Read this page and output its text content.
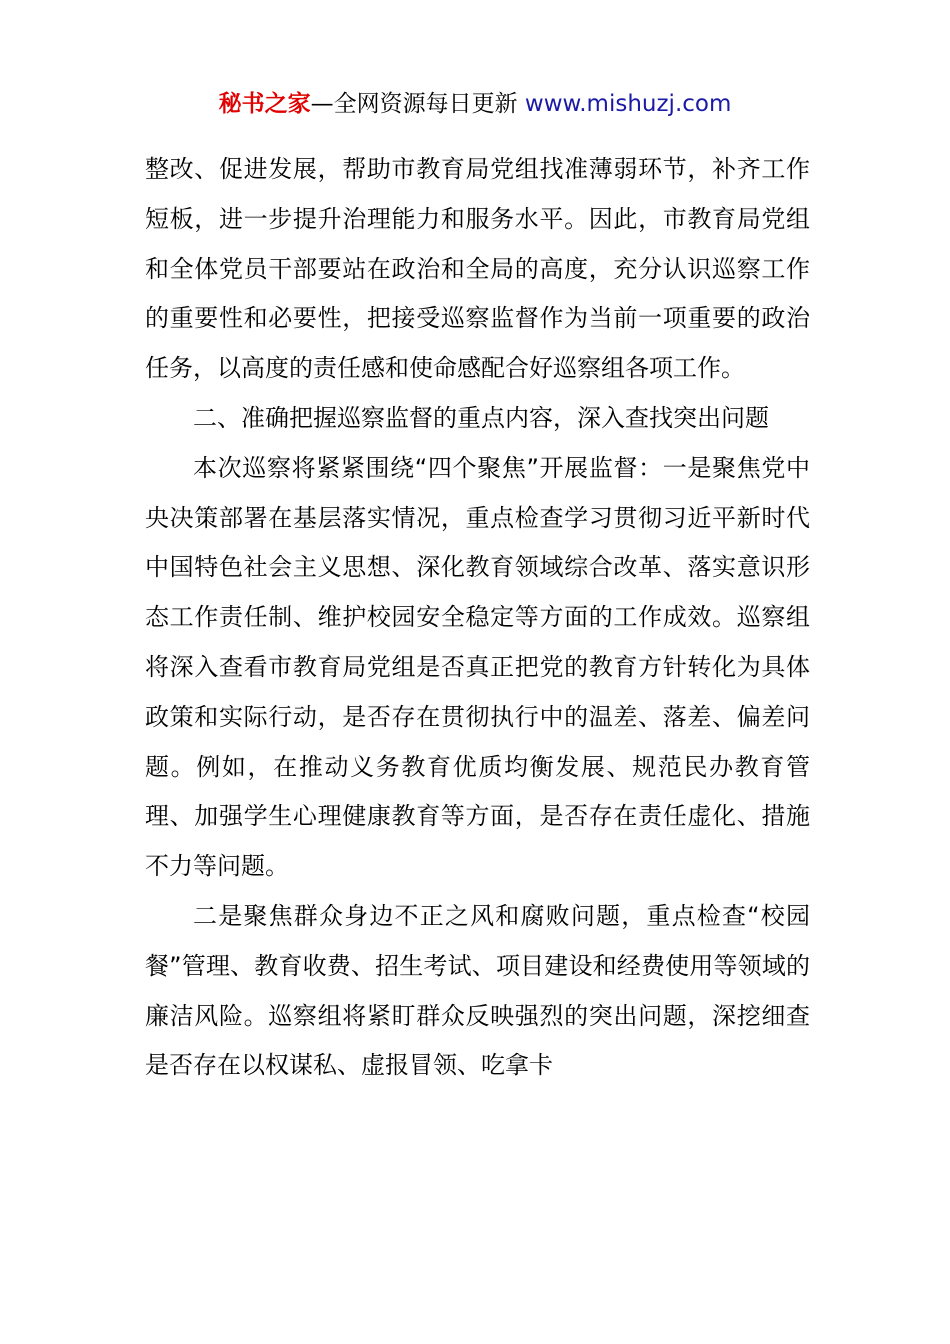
秘书之家—全网资源每日更新 www.mishuzj.com

整改、促进发展，帮助市教育局党组找准薄弱环节，补齐工作短板，进一步提升治理能力和服务水平。因此，市教育局党组和全体党员干部要站在政治和全局的高度，充分认识巡察工作的重要性和必要性，把接受巡察监督作为当前一项重要的政治任务，以高度的责任感和使命感配合好巡察组各项工作。

二、准确把握巡察监督的重点内容，深入查找突出问题

本次巡察将紧紧围绕“四个聚焦”开展监督：一是聚焦党中央决策部署在基层落实情况，重点检查学习贯彻习近平新时代中国特色社会主义思想、深化教育领域综合改革、落实意识形态工作责任制、维护校园安全稳定等方面的工作成效。巡察组将深入查看市教育局党组是否真正把党的教育方针转化为具体政策和实际行动，是否存在贯彻执行中的温差、落差、偏差问题。例如，在推动义务教育优质均衡发展、规范民办教育管理、加强学生心理健康教育等方面，是否存在责任虚化、措施不力等问题。

二是聚焦群众身边不正之风和腐败问题，重点检查“校园餐”管理、教育收费、招生考试、项目建设和经费使用等领域的廉洁风险。巡察组将紧盯群众反映强烈的突出问题，深挖细查是否存在以权谋私、虚报冒领、吃拿卡
